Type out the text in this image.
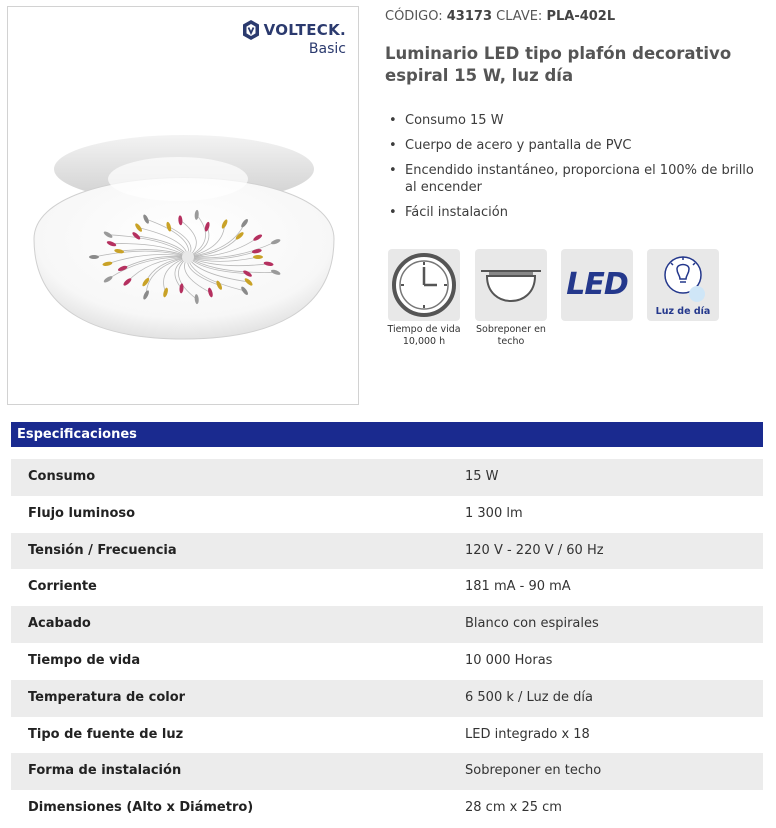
VOLTECK.
Basic
CÓDIGO: 43173 CLAVE: PLA-402L
Luminario LED tipo plafón decorativo espiral 15 W, luz día
• Consumo 15 W
• Cuerpo de acero y pantalla de PVC
• Encendido instantáneo, proporciona el 100% de brillo al encender
• Fácil instalación
Tiempo de vida 10,000 h
Sobreponer en techo
LED
Luz de día
Especificaciones
Consumo	15 W
Flujo luminoso	1 300 lm
Tensión / Frecuencia	120 V - 220 V / 60 Hz
Corriente	181 mA - 90 mA
Acabado	Blanco con espirales
Tiempo de vida	10 000 Horas
Temperatura de color	6 500 k / Luz de día
Tipo de fuente de luz	LED integrado x 18
Forma de instalación	Sobreponer en techo
Dimensiones (Alto x Diámetro)	28 cm x 25 cm
